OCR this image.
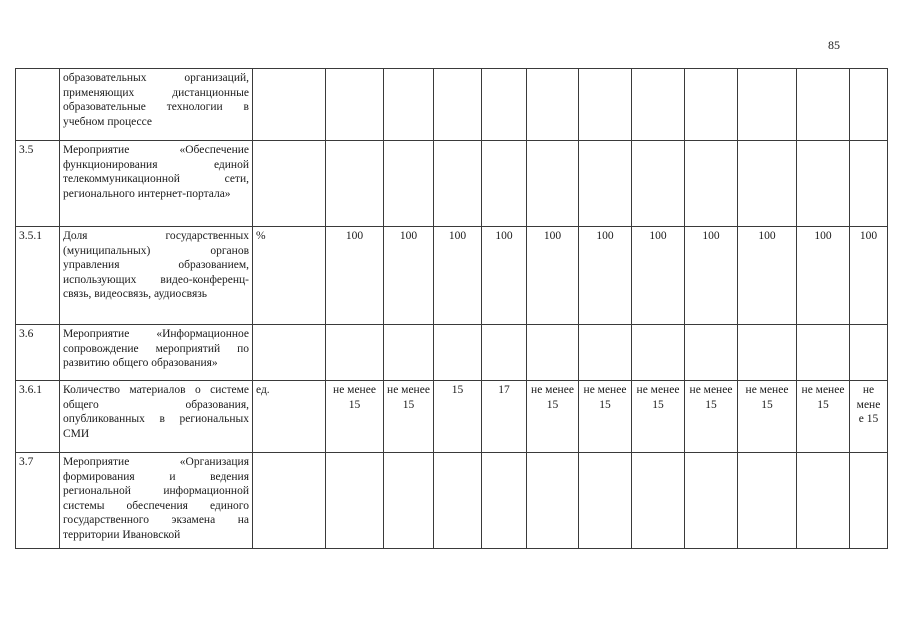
85
	образовательных организаций, применяющих дистанционные образовательные технологии в учебном процессе												
3.5	Мероприятие «Обеспечение функционирования единой телекоммуникационной сети, регионального интернет-портала»												
3.5.1	Доля государственных (муниципальных) органов управления образованием, использующих видео-конференц-связь, видеосвязь, аудиосвязь	%	100	100	100	100	100	100	100	100	100	100	100
3.6	Мероприятие «Информационное сопровождение мероприятий по развитию общего образования»												
3.6.1	Количество материалов о системе общего образования, опубликованных в региональных СМИ	ед.	не менее 15	не менее 15	15	17	не менее 15	не менее 15	не менее 15	не менее 15	не менее 15	не менее 15	не мене е 15
3.7	Мероприятие «Организация формирования и ведения региональной информационной системы обеспечения единого государственного экзамена на территории Ивановской												
